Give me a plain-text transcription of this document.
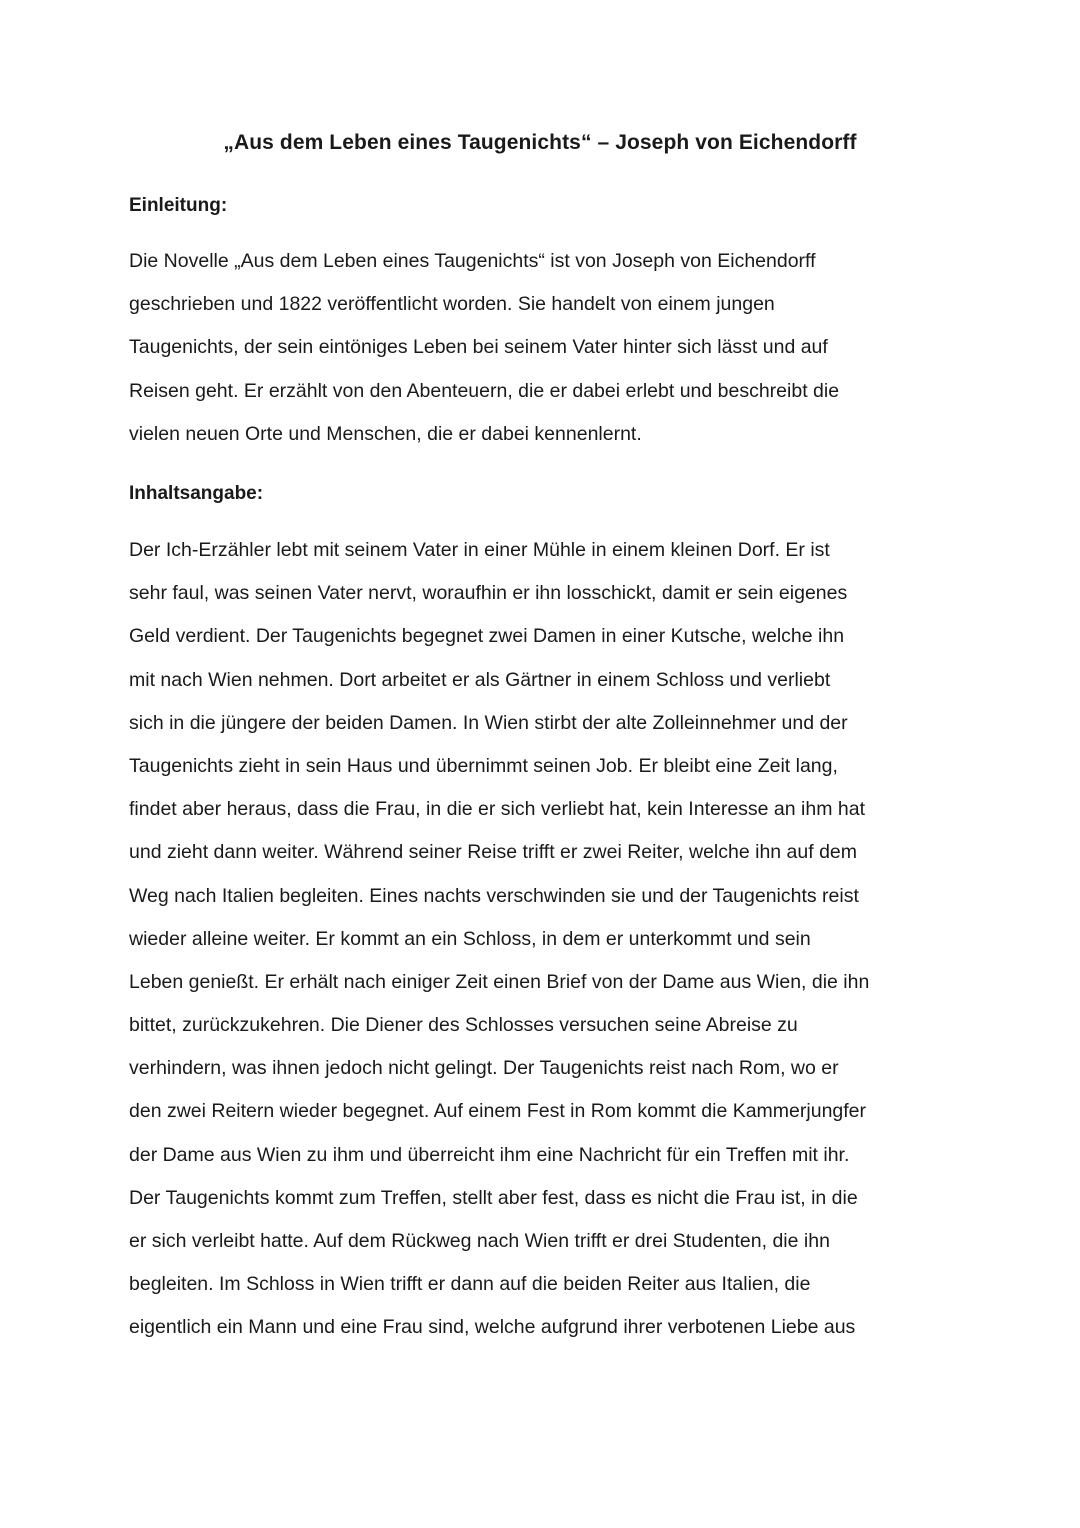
„Aus dem Leben eines Taugenichts“ – Joseph von Eichendorff
Einleitung:

Die Novelle „Aus dem Leben eines Taugenichts“ ist von Joseph von Eichendorff
geschrieben und 1822 veröffentlicht worden. Sie handelt von einem jungen
Taugenichts, der sein eintöniges Leben bei seinem Vater hinter sich lässt und auf
Reisen geht. Er erzählt von den Abenteuern, die er dabei erlebt und beschreibt die
vielen neuen Orte und Menschen, die er dabei kennenlernt.

Inhaltsangabe:

Der Ich-Erzähler lebt mit seinem Vater in einer Mühle in einem kleinen Dorf. Er ist
sehr faul, was seinen Vater nervt, woraufhin er ihn losschickt, damit er sein eigenes
Geld verdient. Der Taugenichts begegnet zwei Damen in einer Kutsche, welche ihn
mit nach Wien nehmen. Dort arbeitet er als Gärtner in einem Schloss und verliebt
sich in die jüngere der beiden Damen. In Wien stirbt der alte Zolleinnehmer und der
Taugenichts zieht in sein Haus und übernimmt seinen Job. Er bleibt eine Zeit lang,
findet aber heraus, dass die Frau, in die er sich verliebt hat, kein Interesse an ihm hat
und zieht dann weiter. Während seiner Reise trifft er zwei Reiter, welche ihn auf dem
Weg nach Italien begleiten. Eines nachts verschwinden sie und der Taugenichts reist
wieder alleine weiter. Er kommt an ein Schloss, in dem er unterkommt und sein
Leben genießt. Er erhält nach einiger Zeit einen Brief von der Dame aus Wien, die ihn
bittet, zurückzukehren. Die Diener des Schlosses versuchen seine Abreise zu
verhindern, was ihnen jedoch nicht gelingt. Der Taugenichts reist nach Rom, wo er
den zwei Reitern wieder begegnet. Auf einem Fest in Rom kommt die Kammerjungfer
der Dame aus Wien zu ihm und überreicht ihm eine Nachricht für ein Treffen mit ihr.
Der Taugenichts kommt zum Treffen, stellt aber fest, dass es nicht die Frau ist, in die
er sich verleibt hatte. Auf dem Rückweg nach Wien trifft er drei Studenten, die ihn
begleiten. Im Schloss in Wien trifft er dann auf die beiden Reiter aus Italien, die
eigentlich ein Mann und eine Frau sind, welche aufgrund ihrer verbotenen Liebe aus
